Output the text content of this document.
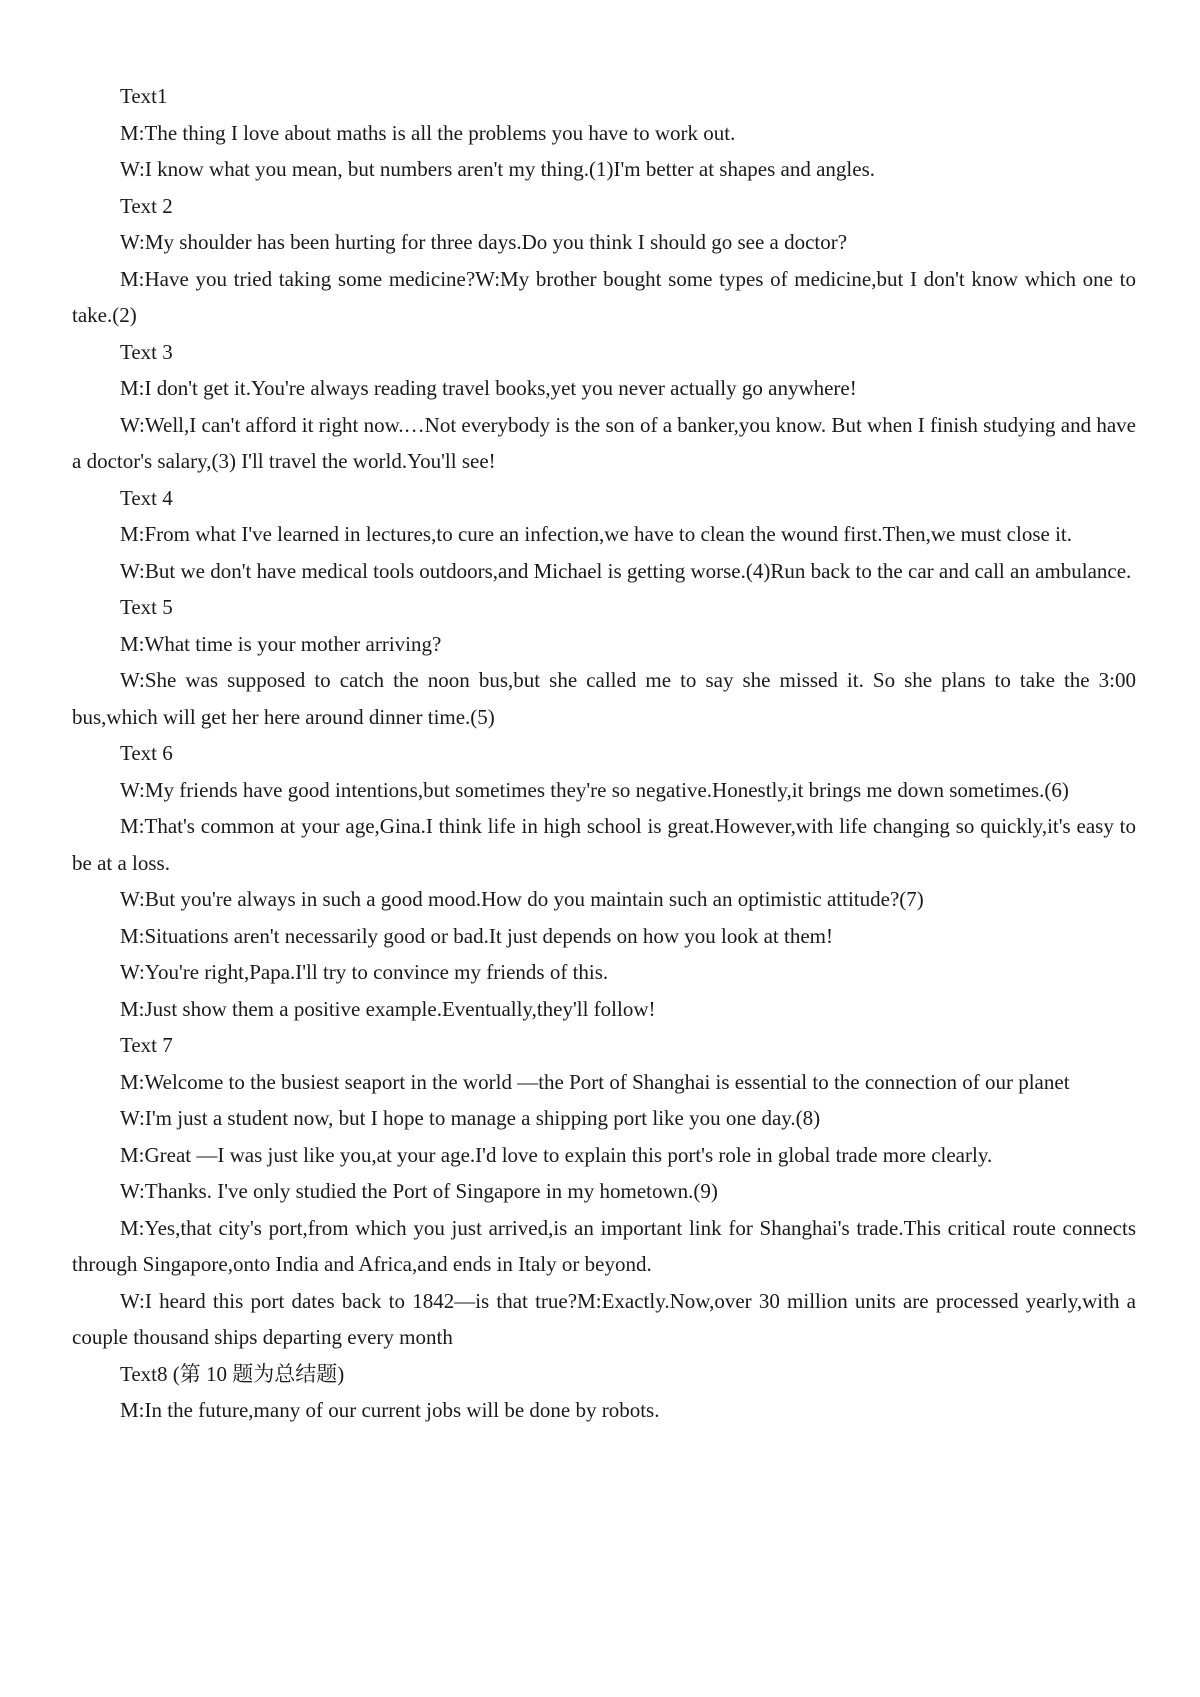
Text1

M:The thing I love about maths is all the problems you have to work out.

W:I know what you mean, but numbers aren't my thing.(1)I'm better at shapes and angles.

Text 2

W:My shoulder has been hurting for three days.Do you think I should go see a doctor?

M:Have you tried taking some medicine?W:My brother bought some types of medicine,but I don't know which one to take.(2)

Text 3

M:I don't get it.You're always reading travel books,yet you never actually go anywhere!

W:Well,I can't afford it right now.…Not everybody is the son of a banker,you know. But when I finish studying and have a doctor's salary,(3) I'll travel the world.You'll see!

Text 4

M:From what I've learned in lectures,to cure an infection,we have to clean the wound first.Then,we must close it.

W:But we don't have medical tools outdoors,and Michael is getting worse.(4)Run back to the car and call an ambulance.

Text 5

M:What time is your mother arriving?

W:She was supposed to catch the noon bus,but she called me to say she missed it. So she plans to take the 3:00 bus,which will get her here around dinner time.(5)

Text 6

W:My friends have good intentions,but sometimes they're so negative.Honestly,it brings me down sometimes.(6)

M:That's common at your age,Gina.I think life in high school is great.However,with life changing so quickly,it's easy to be at a loss.

W:But you're always in such a good mood.How do you maintain such an optimistic attitude?(7)

M:Situations aren't necessarily good or bad.It just depends on how you look at them!

W:You're right,Papa.I'll try to convince my friends of this.

M:Just show them a positive example.Eventually,they'll follow!

Text 7

M:Welcome to the busiest seaport in the world —the Port of Shanghai is essential to the connection of our planet

W:I'm just a student now, but I hope to manage a shipping port like you one day.(8)

M:Great —I was just like you,at your age.I'd love to explain this port's role in global trade more clearly.

W:Thanks. I've only studied the Port of Singapore in my hometown.(9)

M:Yes,that city's port,from which you just arrived,is an important link for Shanghai's trade.This critical route connects through Singapore,onto India and Africa,and ends in Italy or beyond.

W:I heard this port dates back to 1842—is that true?M:Exactly.Now,over 30 million units are processed yearly,with a couple thousand ships departing every month

Text8 (第 10 题为总结题)

M:In the future,many of our current jobs will be done by robots.
